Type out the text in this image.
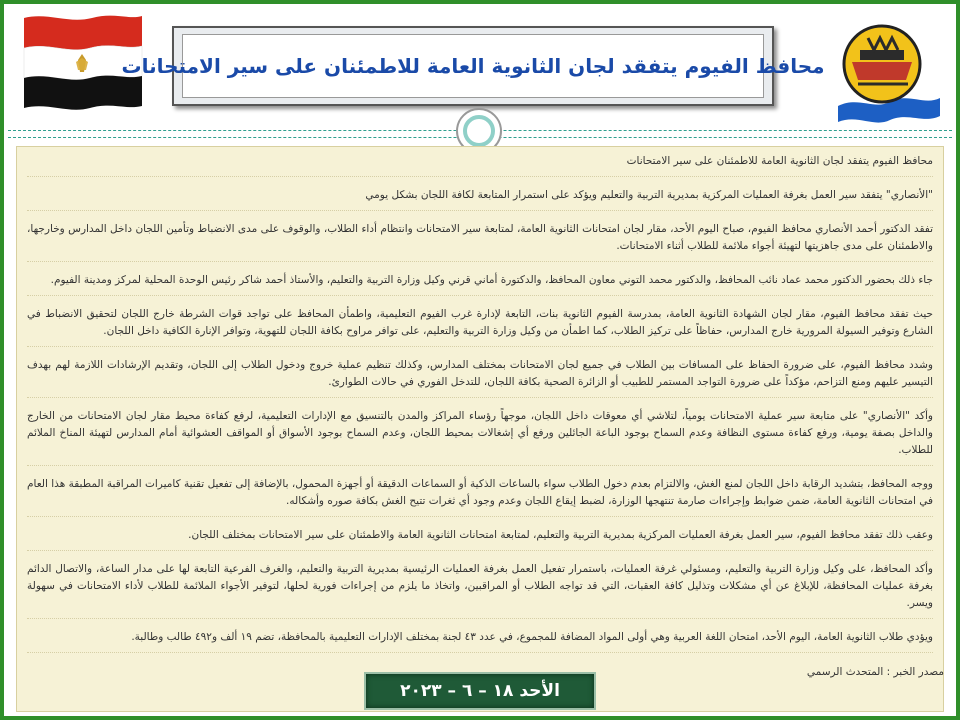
محافظ الفيوم يتفقد لجان الثانوية العامة للاطمئنان على سير الامتحانات

محافظ الفيوم يتفقد لجان الثانوية العامة للاطمئنان على سير الامتحانات

"الأنصاري" يتفقد سير العمل بغرفة العمليات المركزية بمديرية التربية والتعليم ويؤكد على استمرار المتابعة لكافة اللجان بشكل يومي

تفقد الدكتور أحمد الأنصاري محافظ الفيوم، صباح اليوم الأحد، مقار لجان امتحانات الثانوية العامة، لمتابعة سير الامتحانات وانتظام أداء الطلاب، والوقوف على مدى الانضباط وتأمين اللجان داخل المدارس وخارجها، والاطمئنان على مدى جاهزيتها لتهيئة أجواء ملائمة للطلاب أثناء الامتحانات.

جاء ذلك بحضور الدكتور محمد عماد نائب المحافظ، والدكتور محمد التوني معاون المحافظ، والدكتورة أماني قرني وكيل وزارة التربية والتعليم، والأستاذ أحمد شاكر رئيس الوحدة المحلية لمركز ومدينة الفيوم.

حيث تفقد محافظ الفيوم، مقار لجان الشهادة الثانوية العامة، بمدرسة الفيوم الثانوية بنات، التابعة لإدارة غرب الفيوم التعليمية، واطمأن المحافظ على تواجد قوات الشرطة خارج اللجان لتحقيق الانضباط في الشارع وتوفير السيولة المرورية خارج المدارس، حفاظاً على تركيز الطلاب، كما اطمأن من وكيل وزارة التربية والتعليم، على توافر مراوح بكافة اللجان للتهوية، وتوافر الإنارة الكافية داخل اللجان.

وشدد محافظ الفيوم، على ضرورة الحفاظ على المسافات بين الطلاب في جميع لجان الامتحانات بمختلف المدارس، وكذلك تنظيم عملية خروج ودخول الطلاب إلى اللجان، وتقديم الإرشادات اللازمة لهم بهدف التيسير عليهم ومنع التزاحم، مؤكداً على ضرورة التواجد المستمر للطبيب أو الزائرة الصحية بكافة اللجان، للتدخل الفوري في حالات الطوارئ.

وأكد "الأنصاري" على متابعة سير عملية الامتحانات يومياً، لتلاشي أي معوقات داخل اللجان، موجهاً رؤساء المراكز والمدن بالتنسيق مع الإدارات التعليمية، لرفع كفاءة محيط مقار لجان الامتحانات من الخارج والداخل بصفة يومية، ورفع كفاءة مستوى النظافة وعدم السماح بوجود الباعة الجائلين ورفع أي إشغالات بمحيط اللجان، وعدم السماح بوجود الأسواق أو المواقف العشوائية أمام المدارس لتهيئة المناخ الملائم للطلاب.

ووجه المحافظ، بتشديد الرقابة داخل اللجان لمنع الغش، والالتزام بعدم دخول الطلاب سواء بالساعات الذكية أو السماعات الدقيقة أو أجهزة المحمول، بالإضافة إلى تفعيل تقنية كاميرات المراقبة المطبقة هذا العام في امتحانات الثانوية العامة، ضمن ضوابط وإجراءات صارمة تنتهجها الوزارة، لضبط إيقاع اللجان وعدم وجود أي ثغرات تتيح الغش بكافة صوره وأشكاله.

وعقب ذلك تفقد محافظ الفيوم، سير العمل بغرفة العمليات المركزية بمديرية التربية والتعليم، لمتابعة امتحانات الثانوية العامة والاطمئنان على سير الامتحانات بمختلف اللجان.

وأكد المحافظ، على وكيل وزارة التربية والتعليم، ومسئولي غرفة العمليات، باستمرار تفعيل العمل بغرفة العمليات الرئيسية بمديرية التربية والتعليم، والغرف الفرعية التابعة لها على مدار الساعة، والاتصال الدائم بغرفة عمليات المحافظة، للإبلاغ عن أي مشكلات وتذليل كافة العقبات، التي قد تواجه الطلاب أو المراقبين، واتخاذ ما يلزم من إجراءات فورية لحلها، لتوفير الأجواء الملائمة للطلاب لأداء الامتحانات في سهولة ويسر.

ويؤدي طلاب الثانوية العامة، اليوم الأحد، امتحان اللغة العربية وهي أولى المواد المضافة للمجموع، في عدد ٤٣ لجنة بمختلف الإدارات التعليمية بالمحافظة، تضم ١٩ ألف و٤٩٢ طالب وطالبة.

مصدر الخبر : المتحدث الرسمي
الأحد ١٨ – ٦ – ٢٠٢٣
